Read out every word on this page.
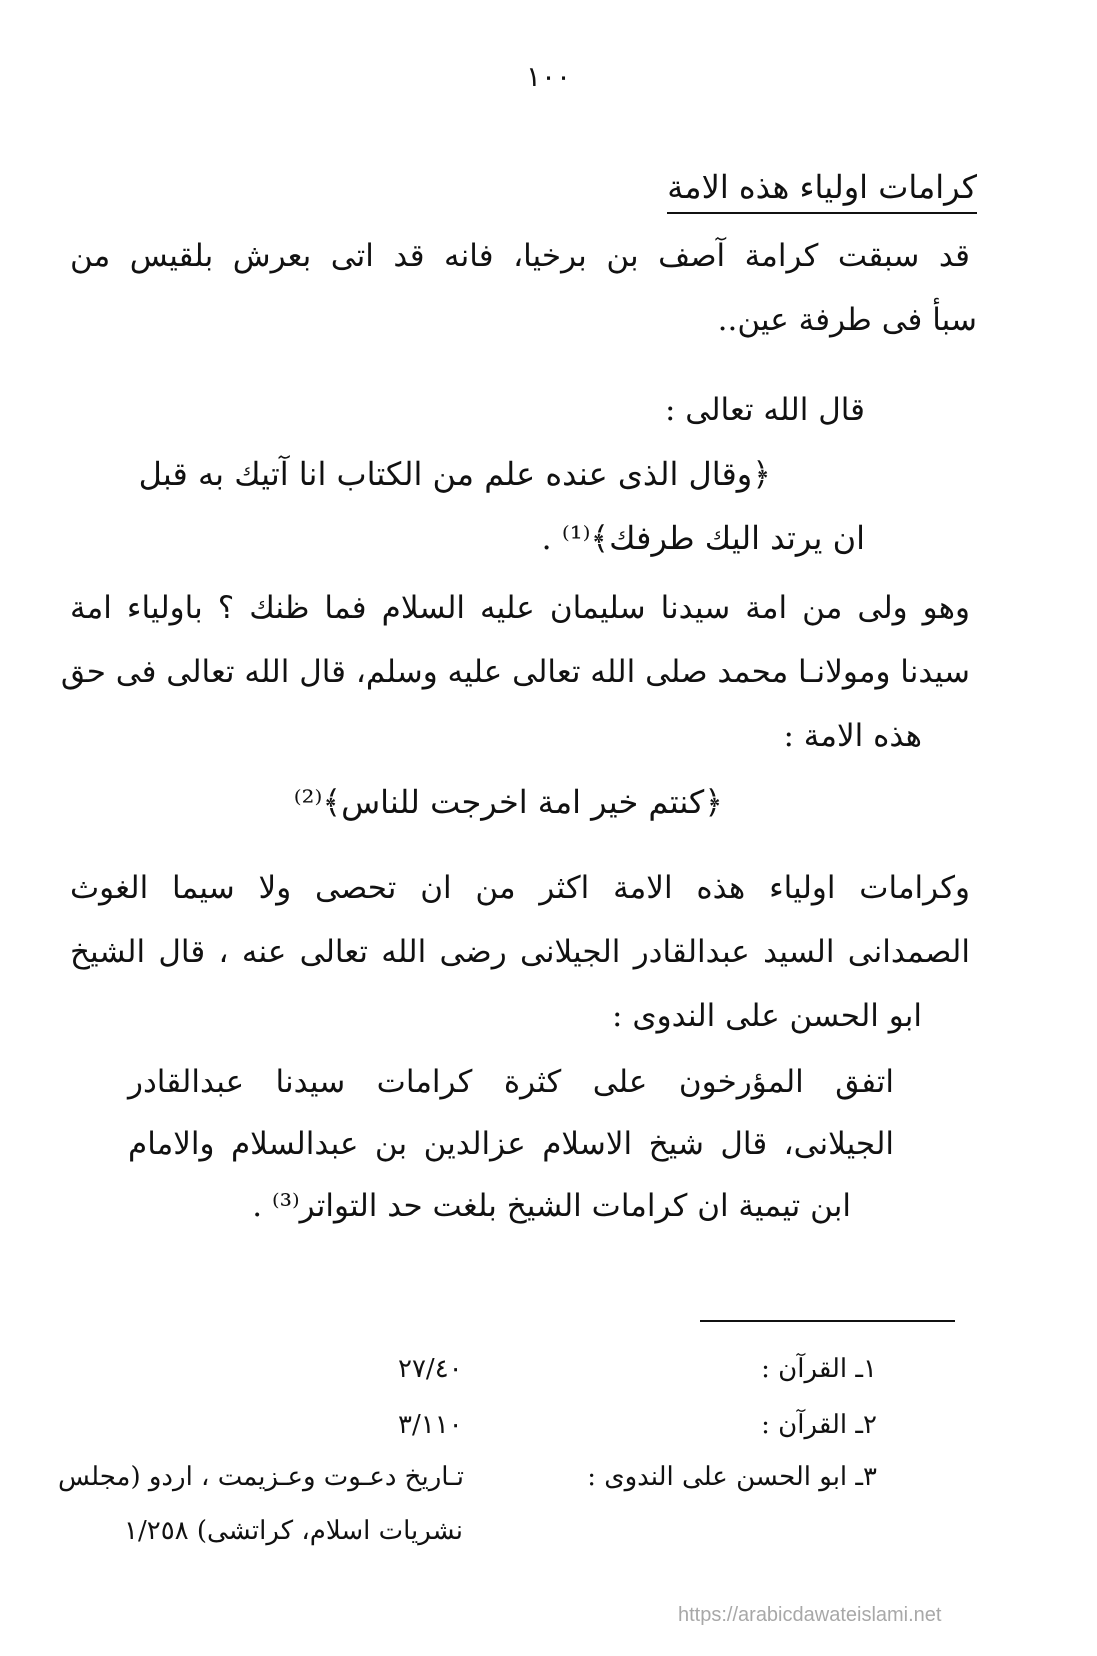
١٠٠
كرامات اولياء هذه الامة
قد سبقت كرامة آصف بن برخيا، فانه قد اتى بعرش بلقيس من
سبأ فى طرفة عين..
قال الله تعالى :
﴿وقال الذى عنده علم من الكتاب انا آتيك به قبل
ان يرتد اليك طرفك﴾⁽¹⁾ .
وهو ولى من امة سيدنا سليمان عليه السلام فما ظنك ؟ باولياء امة
سيدنا ومولانـا محمد صلى الله تعالى عليه وسلم، قال الله تعالى فى حق
هذه الامة :
﴿كنتم خير امة اخرجت للناس﴾⁽²⁾
وكرامات اولياء هذه الامة اكثر من ان تحصى ولا سيما الغوث
الصمدانى السيد عبدالقادر الجيلانى رضى الله تعالى عنه ، قال الشيخ
ابو الحسن على الندوى :
اتفق المؤرخون على كثرة كرامات سيدنا عبدالقادر
الجيلانى، قال شيخ الاسلام عزالدين بن عبدالسلام والامام
ابن تيمية ان كرامات الشيخ بلغت حد التواتر⁽³⁾ .
١ـ القرآن :
٢٧/٤٠
٢ـ القرآن :
٣/١١٠
٣ـ ابو الحسن على الندوى :
تـاريخ دعـوت وعـزيمت ، اردو (مجلس
نشريات اسلام، كراتشى) ١/٢٥٨
https://arabicdawateislami.net
